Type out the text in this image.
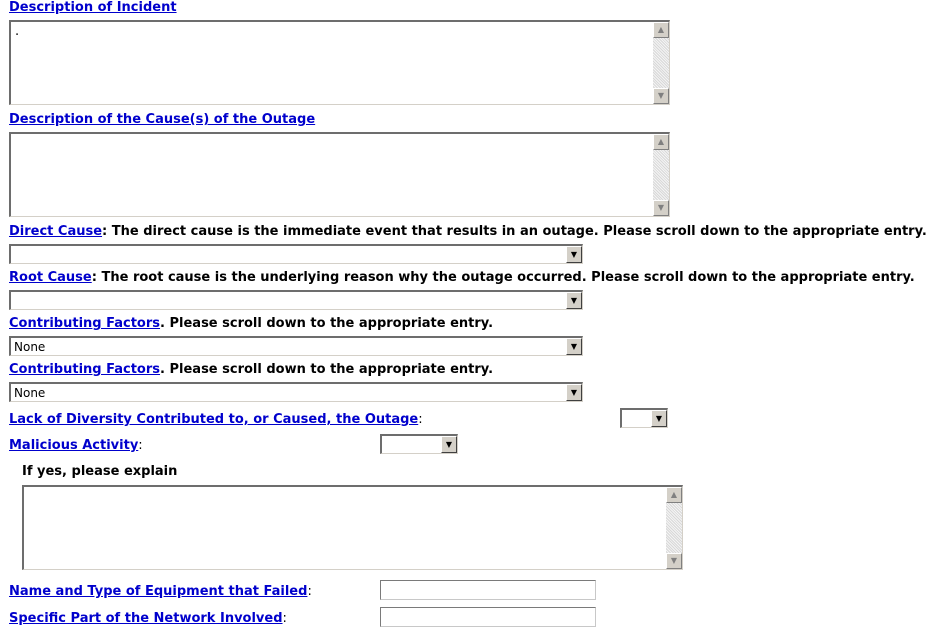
Description of Incident
.	▲
▼
Description of the Cause(s) of the Outage
▲
▼
Direct Cause: The direct cause is the immediate event that results in an outage. Please scroll down to the appropriate entry.
▼
Root Cause: The root cause is the underlying reason why the outage occurred. Please scroll down to the appropriate entry.
▼
Contributing Factors. Please scroll down to the appropriate entry.
None	▼
Contributing Factors. Please scroll down to the appropriate entry.
None	▼
Lack of Diversity Contributed to, or Caused, the Outage:	▼
Malicious Activity:	▼
If yes, please explain
▲
▼
Name and Type of Equipment that Failed:
Specific Part of the Network Involved:
